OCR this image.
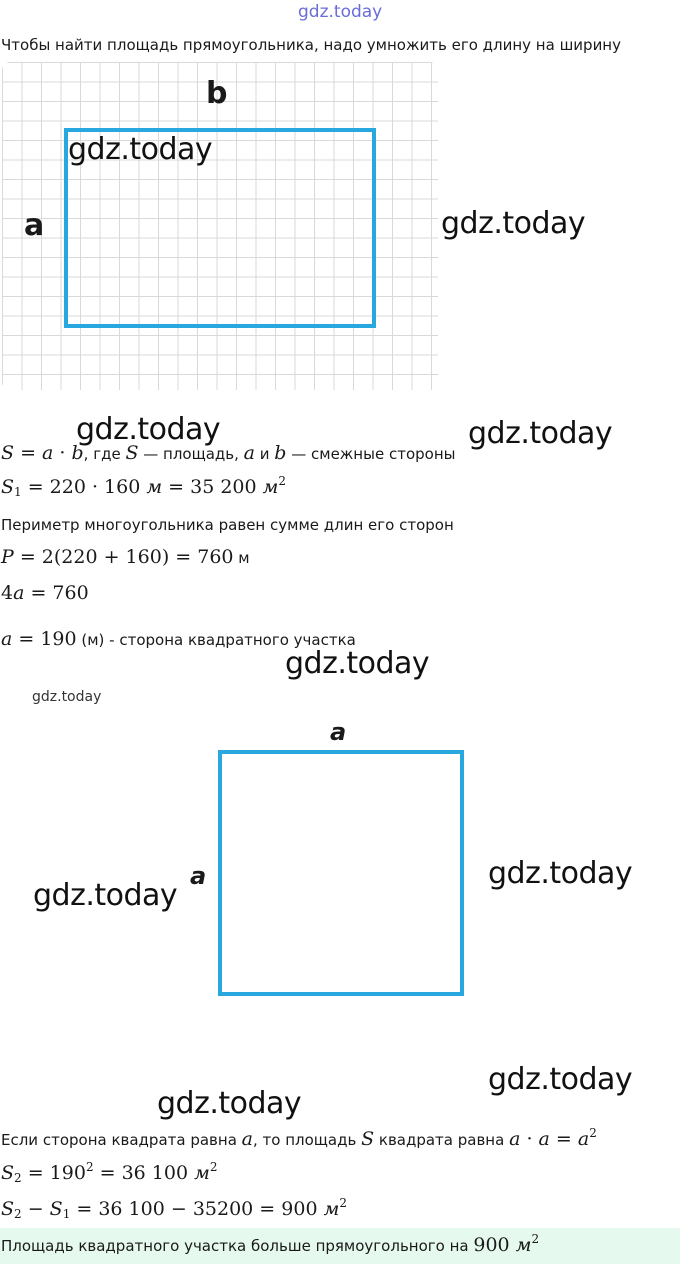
gdz.today
Чтобы найти площадь прямоугольника, надо умножить его длину на ширину
b
a
gdz.today
gdz.today
gdz.today	gdz.today
S = a · b, где S — площадь, a и b — смежные стороны
$S_1 = 220 \cdot 160$ м = 35 200 $м^2$
Периметр многоугольника равен сумме длин его сторон
P = 2(220 + 160) = 760 м
4a = 760
a = 190 (м) - сторона квадратного участка
gdz.today
gdz.today
a
a
gdz.today
gdz.today
gdz.today
gdz.today
Если сторона квадрата равна a, то площадь S квадрата равна $a \cdot a = a^2$
$S_2 = 190^2 = 36$ 100 $м^2$
$S_2 - S_1 = 36$ 100 − 35200 = 900 $м^2$
Площадь квадратного участка больше прямоугольного на 900 $м^2$
